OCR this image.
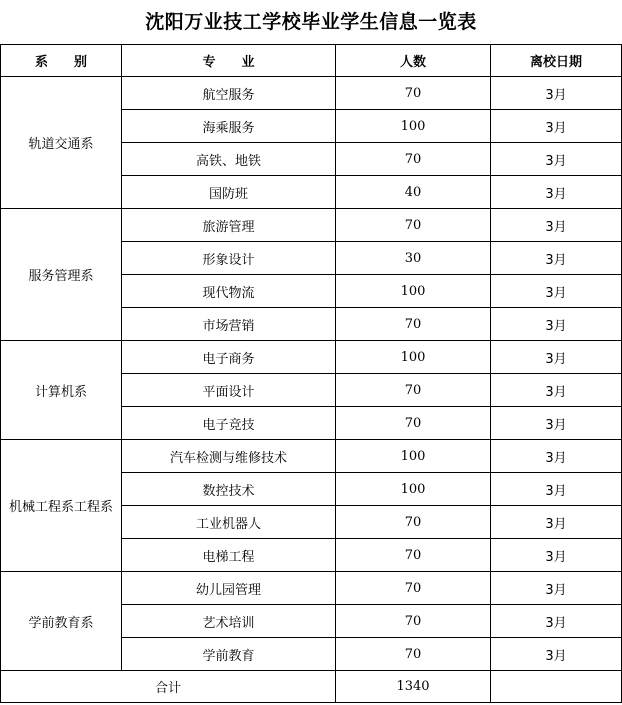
沈阳万业技工学校毕业学生信息一览表
系　　别	专　　业	人数	离校日期
轨道交通系	航空服务	70	3月
	海乘服务	100	3月
	高铁、地铁	70	3月
	国防班	40	3月
服务管理系	旅游管理	70	3月
	形象设计	30	3月
	现代物流	100	3月
	市场营销	70	3月
计算机系	电子商务	100	3月
	平面设计	70	3月
	电子竞技	70	3月
机械工程系工程系	汽车检测与维修技术	100	3月
	数控技术	100	3月
	工业机器人	70	3月
	电梯工程	70	3月
学前教育系	幼儿园管理	70	3月
	艺术培训	70	3月
	学前教育	70	3月
合计		1340	
